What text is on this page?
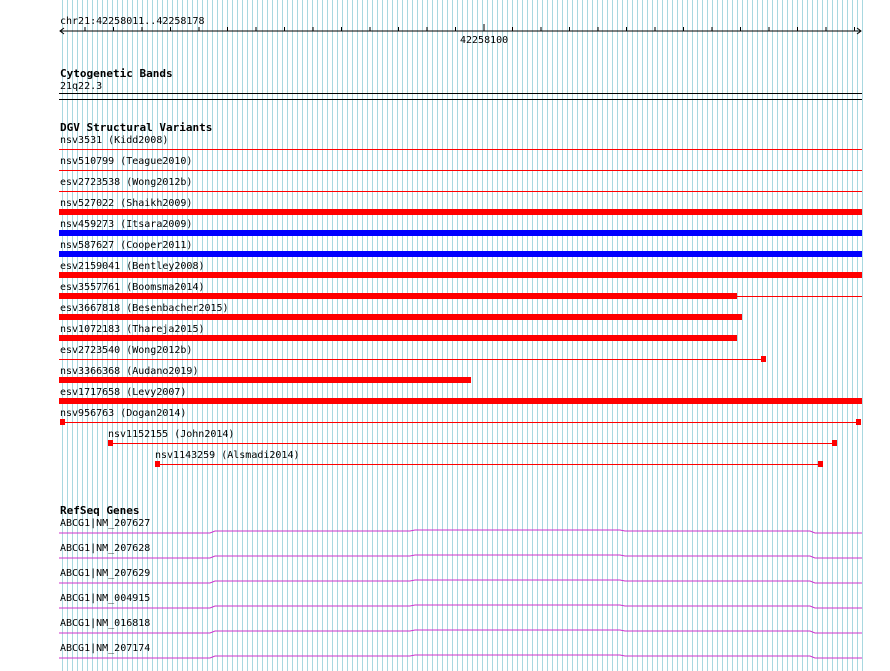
chr21:42258011..42258178
42258100
Cytogenetic Bands
21q22.3
DGV Structural Variants
nsv3531 (Kidd2008)
nsv510799 (Teague2010)
esv2723538 (Wong2012b)
nsv527022 (Shaikh2009)
nsv459273 (Itsara2009)
nsv587627 (Cooper2011)
esv2159041 (Bentley2008)
esv3557761 (Boomsma2014)
esv3667818 (Besenbacher2015)
nsv1072183 (Thareja2015)
esv2723540 (Wong2012b)
nsv3366368 (Audano2019)
esv1717658 (Levy2007)
nsv956763 (Dogan2014)
nsv1152155 (John2014)
nsv1143259 (Alsmadi2014)
RefSeq Genes
ABCG1|NM_207627
ABCG1|NM_207628
ABCG1|NM_207629
ABCG1|NM_004915
ABCG1|NM_016818
ABCG1|NM_207174
